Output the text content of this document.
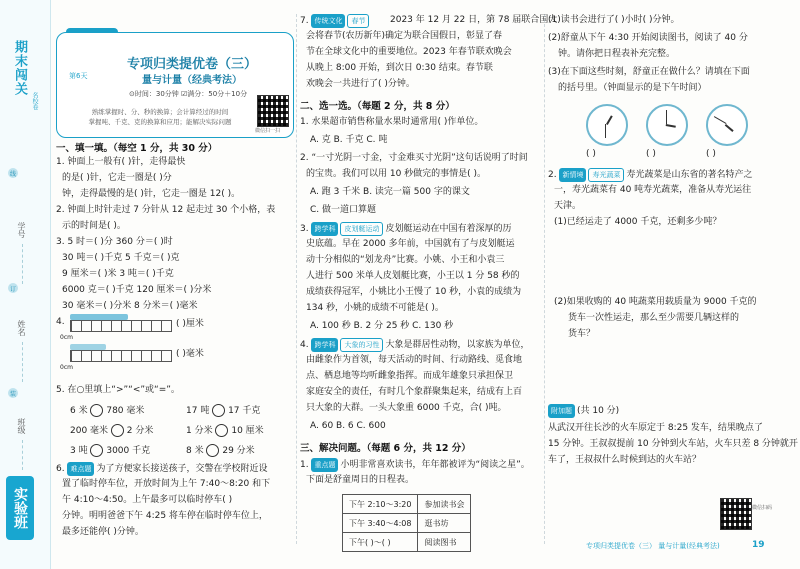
期末闯关
名校卷
线
订
装
学号
姓名
班级
实验班
第6天
专项归类提优卷（三）
量与计量（经典考法）
⊙时间：30分钟 ☑满分：50分＋10分
熟练掌握时、分、秒的换算；会计算经过的时间
掌握吨、千克、克的换算和应用；能解决实际问题
微信扫一扫
一、填一填。（每空 1 分，共 30 分）
1. 钟面上一般有( )针，走得最快
的是( )针，它走一圈是( )分
钟，走得最慢的是( )针，它走一圈是 12( )。
2. 钟面上时针走过 7 分针从 12 起走过 30 个小格，表
示的时间是( )。
3. 5 时＝( )分 360 分＝( )时
30 吨＝( )千克 5 千克＝( )克
9 厘米＝( )米 3 吨＝( )千克
6000 克＝( )千克 120 厘米＝( )分米
30 毫米＝( )分米 8 分米＝( )毫米
4.
0cm
( )厘米
0cm
( )毫米
5. 在○里填上“>”“<”或“=”。
6 米 780 毫米	17 吨 17 千克
200 毫米 2 分米	1 分米 10 厘米
3 吨 3000 千克	8 米 29 分米
6. 难点题 为了方便家长接送孩子，交警在学校附近设
置了临时停车位，开放时间为上午 7:40～8:20 和下
午 4:10～4:50。上午最多可以临时停车( )
分钟。明明爸爸下午 4:25 将车停在临时停车位上，
最多还能停( )分钟。
7. 传统文化 春节	2023 年 12 月 22 日，第 78 届联合国大
会将春节(农历新年)确定为联合国假日，彰显了春
节在全球文化中的重要地位。2023 年春节联欢晚会
从晚上 8:00 开始，到次日 0:30 结束。春节联
欢晚会一共进行了( )分钟。
二、选一选。（每题 2 分，共 8 分）
1. 水果超市销售称量水果时通常用( )作单位。
A. 克 B. 千克 C. 吨
2. “一寸光阴一寸金，寸金难买寸光阴”这句话说明了时间
的宝贵。我们可以用 10 秒做完的事情是( )。
A. 跑 3 千米 B. 读完一篇 500 字的课文
C. 做一道口算题
3. 跨学科 皮划艇运动 皮划艇运动在中国有着深厚的历
史底蕴。早在 2000 多年前，中国就有了与皮划艇运
动十分相似的“划龙舟”比赛。小姚、小王和小袁三
人进行 500 米单人皮划艇比赛，小王以 1 分 58 秒的
成绩获得冠军，小姚比小王慢了 10 秒，小袁的成绩为
134 秒，小姚的成绩不可能是( )。
A. 100 秒 B. 2 分 25 秒 C. 130 秒
4. 跨学科 大象的习性 大象是群居性动物，以家族为单位，
由雌象作为首领，每天活动的时间、行动路线、觅食地
点、栖息地等均听雌象指挥。而成年雄象只承担保卫
家庭安全的责任，有时几个象群聚集起来，结成有上百
只大象的大群。一头大象重 6000 千克，合( )吨。
A. 60 B. 6 C. 600
三、解决问题。（每题 6 分，共 12 分）
1. 重点题 小明非常喜欢读书，年年都被评为“阅读之星”。
下面是舒童周日的日程表。
下午 2:10～3:20	参加读书会
下午 3:40～4:08	逛书坊
下午( )～( )	阅读图书
(1)读书会进行了( )小时( )分钟。
(2)舒童从下午 4:30 开始阅读图书，阅读了 40 分
钟。请你把日程表补充完整。
(3)在下面这些时刻，舒童正在做什么？请填在下面
的括号里。（钟面显示的是下午时间）
( )	( )	( )
2. 新情境 寿光蔬菜 寿光蔬菜是山东省的著名特产之
一，寿光蔬菜有 40 吨寿光蔬菜，准备从寿光运往
天津。
(1)已经运走了 4000 千克，还剩多少吨？
(2)如果收购的 40 吨蔬菜用载质量为 9000 千克的
货车一次性运走，那么至少需要几辆这样的
货车？
附加题 (共 10 分)
从武汉开往长沙的火车原定于 8:25 发车，结果晚点了
15 分钟。王叔叔提前 10 分钟到火车站，火车只差 8 分钟就开
车了，王叔叔什么时候到达的火车站？
微信扫码
专项归类提优卷（三） 量与计量(经典考法)	19
